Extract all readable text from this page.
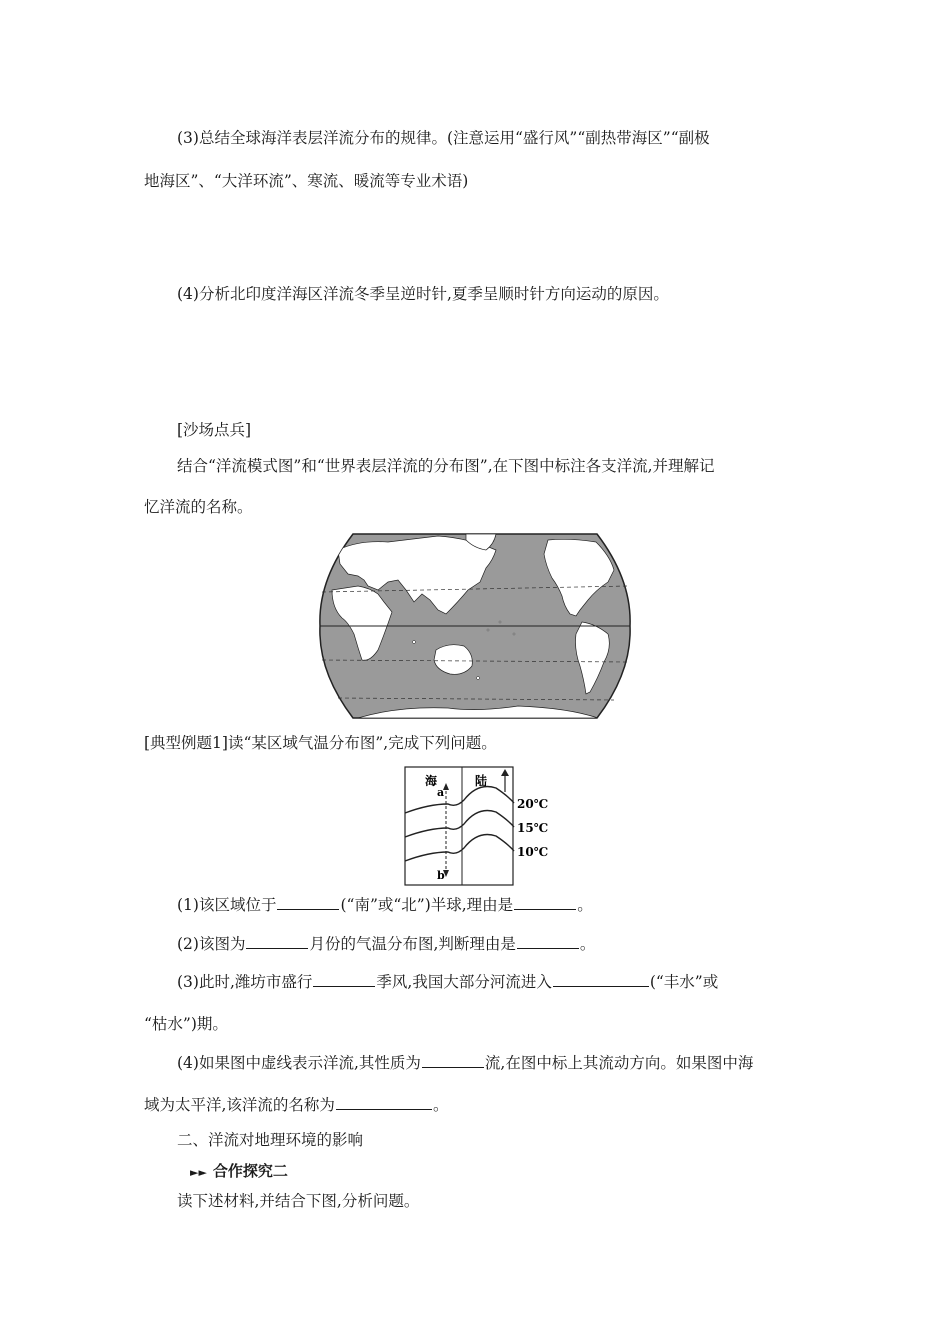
(3)总结全球海洋表层洋流分布的规律。(注意运用“盛行风”“副热带海区”“副极
地海区”、“大洋环流”、寒流、暖流等专业术语)
(4)分析北印度洋海区洋流冬季呈逆时针,夏季呈顺时针方向运动的原因。
[沙场点兵]
结合“洋流模式图”和“世界表层洋流的分布图”,在下图中标注各支洋流,并理解记
忆洋流的名称。
[典型例题1]读“某区域气温分布图”,完成下列问题。
海	陆
a
b
20℃
15℃
10℃
(1)该区域位于	(“南”或“北”)半球,理由是	。
(2)该图为	月份的气温分布图,判断理由是	。
(3)此时,潍坊市盛行	季风,我国大部分河流进入	(“丰水”或
“枯水”)期。
(4)如果图中虚线表示洋流,其性质为	流,在图中标上其流动方向。如果图中海
域为太平洋,该洋流的名称为	。
二、洋流对地理环境的影响
►► 合作探究二
读下述材料,并结合下图,分析问题。
